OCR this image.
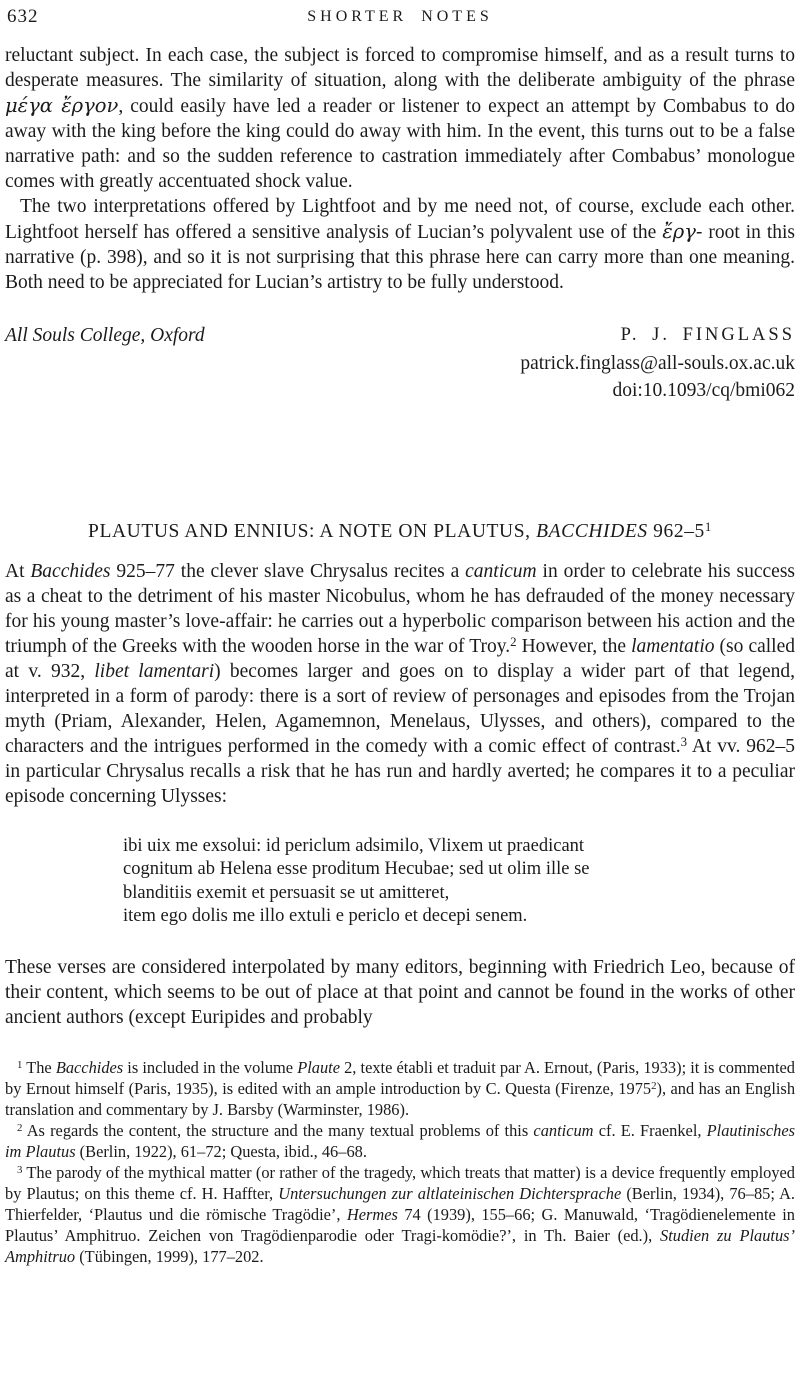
632	SHORTER NOTES

reluctant subject. In each case, the subject is forced to compromise himself, and as a result turns to desperate measures. The similarity of situation, along with the deliberate ambiguity of the phrase μέγα ἔργον, could easily have led a reader or listener to expect an attempt by Combabus to do away with the king before the king could do away with him. In the event, this turns out to be a false narrative path: and so the sudden reference to castration immediately after Combabus’ monologue comes with greatly accentuated shock value.

The two interpretations offered by Lightfoot and by me need not, of course, exclude each other. Lightfoot herself has offered a sensitive analysis of Lucian’s polyvalent use of the ἔργ- root in this narrative (p. 398), and so it is not surprising that this phrase here can carry more than one meaning. Both need to be appreciated for Lucian’s artistry to be fully understood.

All Souls College, Oxford	P. J. FINGLASS
patrick.finglass@all-souls.ox.ac.uk
doi:10.1093/cq/bmi062
PLAUTUS AND ENNIUS: A NOTE ON PLAUTUS, BACCHIDES $962-5^1$

At Bacchides 925–77 the clever slave Chrysalus recites a canticum in order to celebrate his success as a cheat to the detriment of his master Nicobulus, whom he has defrauded of the money necessary for his young master’s love-affair: he carries out a hyperbolic comparison between his action and the triumph of the Greeks with the wooden horse in the war of Troy.$^2$ However, the lamentatio (so called at v. 932, libet lamentari) becomes larger and goes on to display a wider part of that legend, interpreted in a form of parody: there is a sort of review of personages and episodes from the Trojan myth (Priam, Alexander, Helen, Agamemnon, Menelaus, Ulysses, and others), compared to the characters and the intrigues performed in the comedy with a comic effect of contrast.$^3$ At vv. 962–5 in particular Chrysalus recalls a risk that he has run and hardly averted; he compares it to a peculiar episode concerning Ulysses:

ibi uix me exsolui: id periclum adsimilo, Vlixem ut praedicant
cognitum ab Helena esse proditum Hecubae; sed ut olim ille se
blanditiis exemit et persuasit se ut amitteret,
item ego dolis me illo extuli e periclo et decepi senem.

These verses are considered interpolated by many editors, beginning with Friedrich Leo, because of their content, which seems to be out of place at that point and cannot be found in the works of other ancient authors (except Euripides and probably

$^1$ The Bacchides is included in the volume Plaute 2, texte établi et traduit par A. Ernout, (Paris, 1933); it is commented by Ernout himself (Paris, 1935), is edited with an ample introduction by C. Questa (Firenze, 1975$^2$), and has an English translation and commentary by J. Barsby (Warminster, 1986).

$^2$ As regards the content, the structure and the many textual problems of this canticum cf. E. Fraenkel, Plautinisches im Plautus (Berlin, 1922), 61–72; Questa, ibid., 46–68.

$^3$ The parody of the mythical matter (or rather of the tragedy, which treats that matter) is a device frequently employed by Plautus; on this theme cf. H. Haffter, Untersuchungen zur altlateinischen Dichtersprache (Berlin, 1934), 76–85; A. Thierfelder, ‘Plautus und die römische Tragödie’, Hermes 74 (1939), 155–66; G. Manuwald, ‘Tragödienelemente in Plautus’ Amphitruo. Zeichen von Tragödienparodie oder Tragi-komödie?’, in Th. Baier (ed.), Studien zu Plautus’ Amphitruo (Tübingen, 1999), 177–202.
